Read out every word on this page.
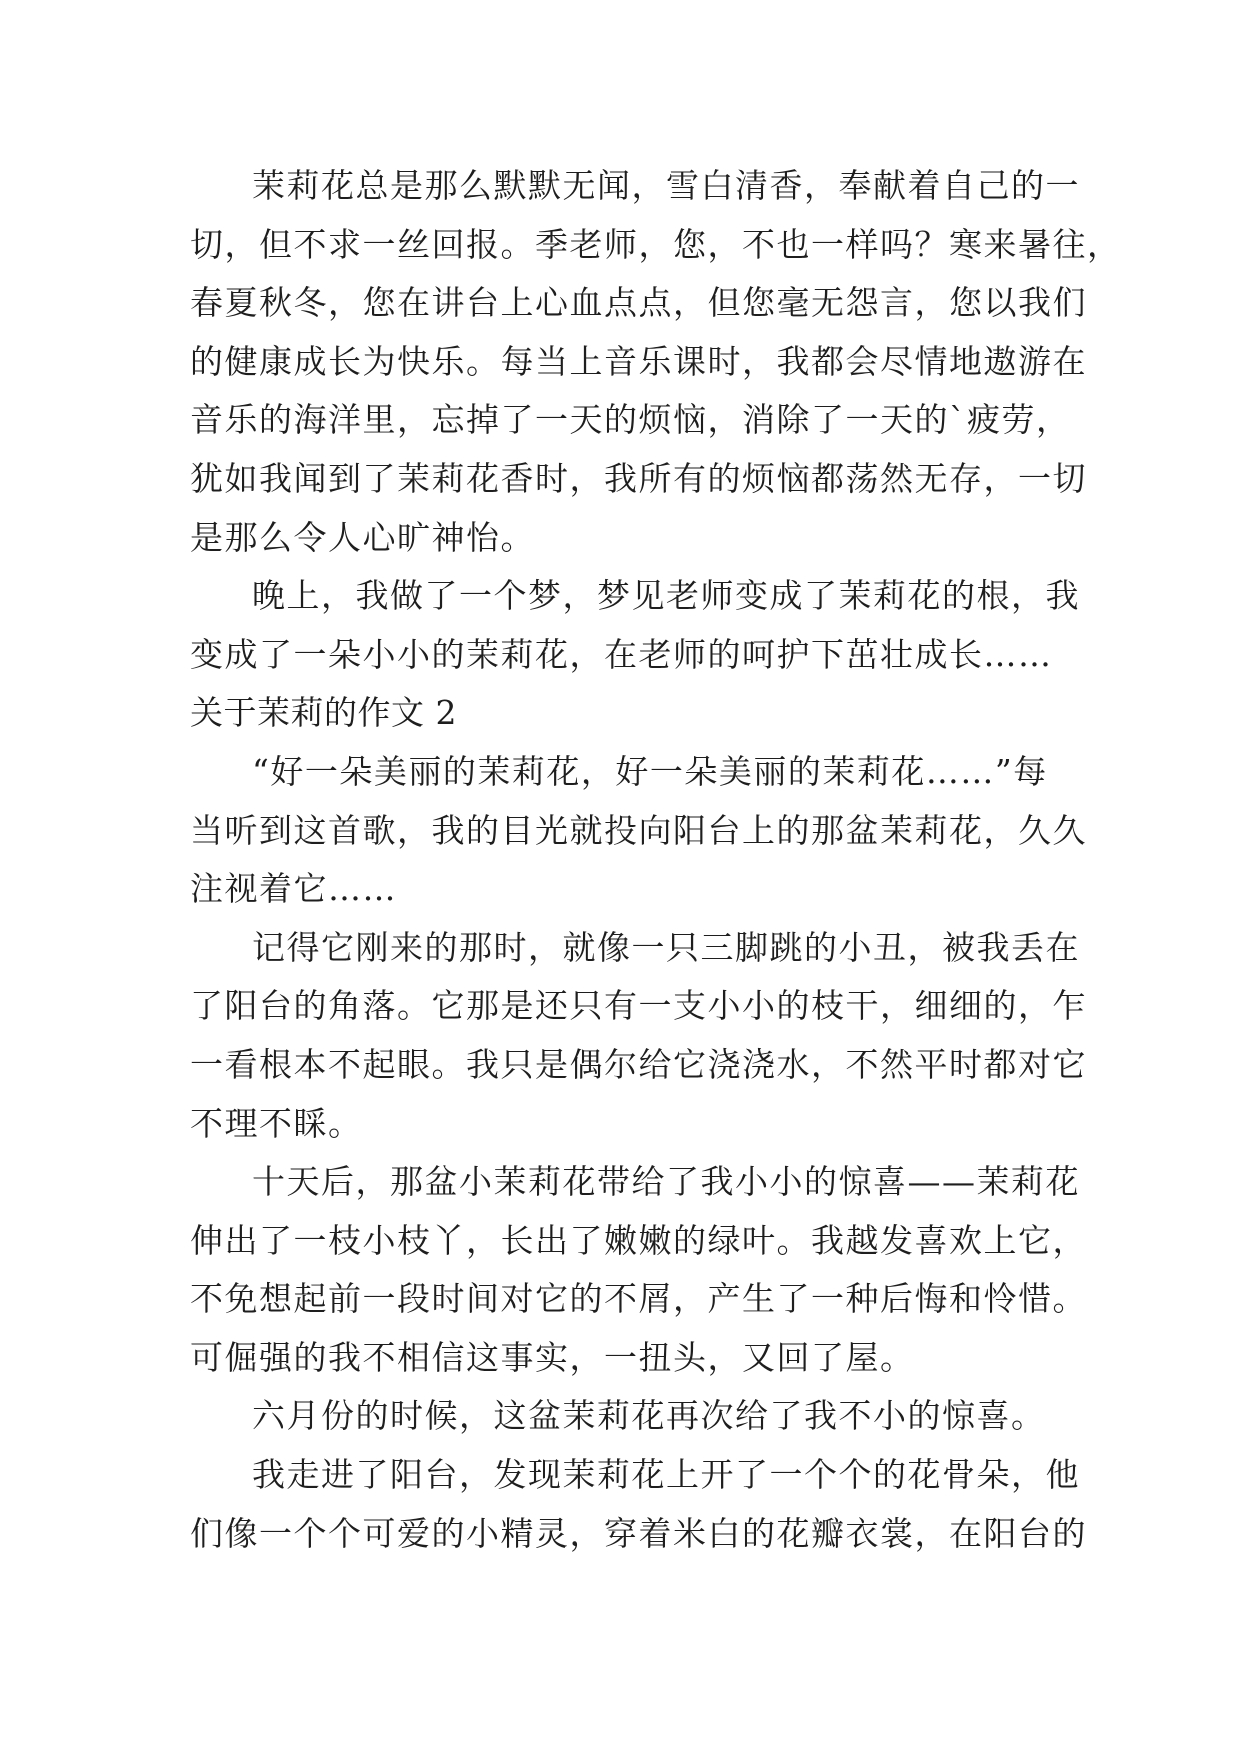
茉莉花总是那么默默无闻，雪白清香，奉献着自己的一
切，但不求一丝回报。季老师，您，不也一样吗？寒来暑往，
春夏秋冬，您在讲台上心血点点，但您毫无怨言，您以我们
的健康成长为快乐。每当上音乐课时，我都会尽情地遨游在
音乐的海洋里，忘掉了一天的烦恼，消除了一天的`疲劳，
犹如我闻到了茉莉花香时，我所有的烦恼都荡然无存，一切
是那么令人心旷神怡。
晚上，我做了一个梦，梦见老师变成了茉莉花的根，我
变成了一朵小小的茉莉花，在老师的呵护下茁壮成长……
关于茉莉的作文 2
“好一朵美丽的茉莉花，好一朵美丽的茉莉花……”每
当听到这首歌，我的目光就投向阳台上的那盆茉莉花，久久
注视着它……
记得它刚来的那时，就像一只三脚跳的小丑，被我丢在
了阳台的角落。它那是还只有一支小小的枝干，细细的，乍
一看根本不起眼。我只是偶尔给它浇浇水，不然平时都对它
不理不睬。
十天后，那盆小茉莉花带给了我小小的惊喜——茉莉花
伸出了一枝小枝丫，长出了嫩嫩的绿叶。我越发喜欢上它，
不免想起前一段时间对它的不屑，产生了一种后悔和怜惜。
可倔强的我不相信这事实，一扭头，又回了屋。
六月份的时候，这盆茉莉花再次给了我不小的惊喜。
我走进了阳台，发现茉莉花上开了一个个的花骨朵，他
们像一个个可爱的小精灵，穿着米白的花瓣衣裳，在阳台的
